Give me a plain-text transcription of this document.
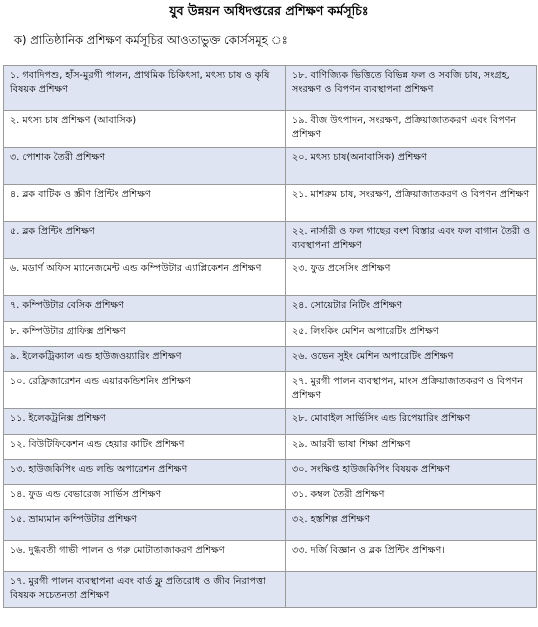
যুব উন্নয়ন অধিদপ্তরের প্রশিক্ষণ কর্মসূচিঃ
ক) প্রাতিষ্ঠানিক প্রশিক্ষণ কর্মসূচির আওতাভুক্ত কোর্সসমূহ ঃ
১. গবাদিপশু, হাঁস-মুরগী পালন, প্রাথমিক চিকিৎসা, মৎস্য চাষ ও কৃষি বিষয়ক প্রশিক্ষণ	১৮. বাণিজ্যিক ভিত্তিতে বিভিন্ন ফল ও সবজি চাষ, সংগ্রহ, সংরক্ষণ ও বিপণন ব্যবস্থাপনা প্রশিক্ষণ
২. মৎস্য চাষ প্রশিক্ষণ (আবাসিক)	১৯. বীজ উৎপাদন, সংরক্ষণ, প্রক্রিয়াজাতকরণ এবং বিপণন প্রশিক্ষণ
৩. পোশাক তৈরী প্রশিক্ষণ	২০. মৎস্য চাষ(অনাবাসিক) প্রশিক্ষণ
৪. ব্লক বাটিক ও স্ক্রীণ প্রিন্টিং প্রশিক্ষণ	২১. মাশরুম চাষ, সংরক্ষণ, প্রক্রিয়াজাতকরণ ও বিপণন প্রশিক্ষণ
৫. ব্লক প্রিন্টিং প্রশিক্ষণ	২২. নার্সারী ও ফল গাছের বংশ বিস্তার এবং ফল বাগান তৈরী ও ব্যবস্থাপনা প্রশিক্ষণ
৬. মডার্ণ অফিস ম্যানেজমেন্ট এন্ড কম্পিউটার এ্যাপ্লিকেশন প্রশিক্ষণ	২৩. ফুড প্রসেসিং প্রশিক্ষণ
৭. কম্পিউটার বেসিক প্রশিক্ষণ	২৪. সোয়েটার নিটিং প্রশিক্ষণ
৮. কম্পিউটার গ্রাফিক্স প্রশিক্ষণ	২৫. লিংকিং মেশিন অপারেটিং প্রশিক্ষণ
৯. ইলেকট্রিক্যাল এন্ড হাউজওয়্যারিং প্রশিক্ষণ	২৬. ওভেন সুইং মেশিন অপারেটিং প্রশিক্ষণ
১০. রেফ্রিজারেশন এন্ড এয়ারকন্ডিশনিং প্রশিক্ষণ	২৭. মুরগী পালন ব্যবস্থাপন, মাংস প্রক্রিয়াজাতকরণ ও বিপণন প্রশিক্ষণ
১১. ইলেকট্রনিক্স প্রশিক্ষণ	২৮. মোবাইল সার্ভিসিং এন্ড রিপেয়ারিং প্রশিক্ষণ
১২. বিউটিফিকেশন এন্ড হেয়ার কাটিং প্রশিক্ষণ	২৯. আরবী ভাষা শিক্ষা প্রশিক্ষণ
১৩. হাউজকিপিং এন্ড লন্ডি অপারেশন প্রশিক্ষণ	৩০. সংক্ষিপ্ত হাউজকিপিং বিষয়ক প্রশিক্ষণ
১৪. ফুড এন্ড বেভারেজ সার্ভিস প্রশিক্ষণ	৩১. কম্বল তৈরী প্রশিক্ষণ
১৫. ভ্রাম্যমান কম্পিউটার প্রশিক্ষণ	৩২. হস্তশিল্প প্রশিক্ষণ
১৬. দুগ্ধবতী গাভী পালন ও গরু মোটাতাজাকরণ প্রশিক্ষণ	৩৩. দর্জি বিজ্ঞান ও ব্লক প্রিন্টিং প্রশিক্ষণ।
১৭. মুরগী পালন ব্যবস্থাপনা এবং বার্ড ফ্লু প্রতিরোধ ও জীব নিরাপত্তা বিষয়ক সচেতনতা প্রশিক্ষণ	
